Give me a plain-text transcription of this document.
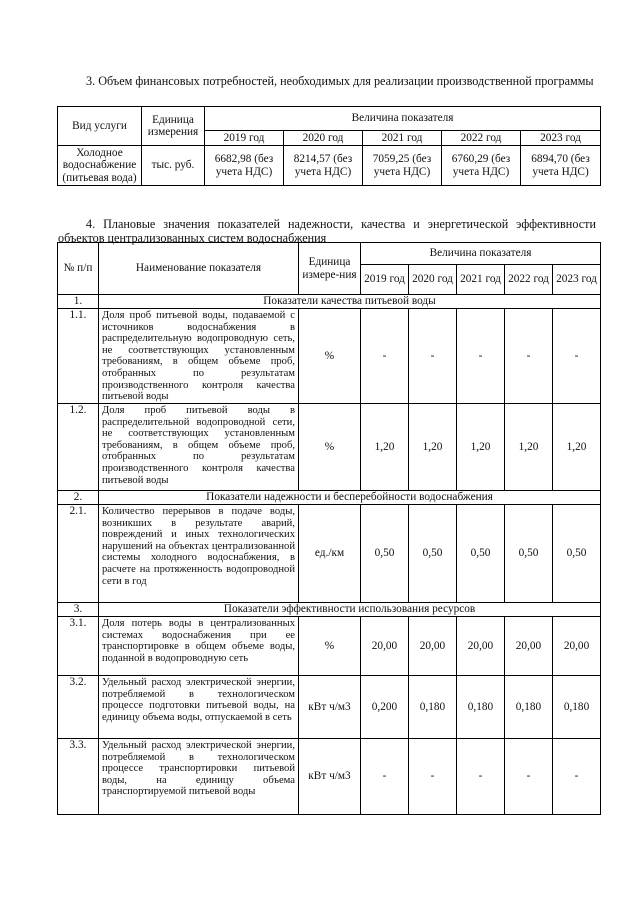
3. Объем финансовых потребностей, необходимых для реализации производственной программы

Вид услуги	Единица измерения	Величина показателя				
		2019 год	2020 год	2021 год	2022 год	2023 год
Холодное водоснабжение (питьевая вода)	тыс. руб.	6682,98 (без учета НДС)	8214,57 (без учета НДС)	7059,25 (без учета НДС)	6760,29 (без учета НДС)	6894,70 (без учета НДС)

4. Плановые значения показателей надежности, качества и энергетической эффективности объектов централизованных систем водоснабжения

№ п/п	Наименование показателя	Единица измере-ния	Величина показателя				
			2019 год	2020 год	2021 год	2022 год	2023 год
1.	Показатели качества питьевой воды						
1.1.	Доля проб питьевой воды, подаваемой с источников водоснабжения в распределительную водопроводную сеть, не соответствующих установленным требованиям, в общем объеме проб, отобранных по результатам производственного контроля качества питьевой воды	%	-	-	-	-	-
1.2.	Доля проб питьевой воды в распределительной водопроводной сети, не соответствующих установленным требованиям, в общем объеме проб, отобранных по результатам производственного контроля качества питьевой воды	%	1,20	1,20	1,20	1,20	1,20
2.	Показатели надежности и бесперебойности водоснабжения						
2.1.	Количество перерывов в подаче воды, возникших в результате аварий, повреждений и иных технологических нарушений на объектах централизованной системы холодного водоснабжения, в расчете на протяженность водопроводной сети в год	ед./км	0,50	0,50	0,50	0,50	0,50
3.	Показатели эффективности использования ресурсов						
3.1.	Доля потерь воды в централизованных системах водоснабжения при ее транспортировке в общем объеме воды, поданной в водопроводную сеть	%	20,00	20,00	20,00	20,00	20,00
3.2.	Удельный расход электрической энергии, потребляемой в технологическом процессе подготовки питьевой воды, на единицу объема воды, отпускаемой в сеть	кВт ч/м3	0,200	0,180	0,180	0,180	0,180
3.3.	Удельный расход электрической энергии, потребляемой в технологическом процессе транспортировки питьевой воды, на единицу объема транспортируемой питьевой воды	кВт ч/м3	-	-	-	-	-
